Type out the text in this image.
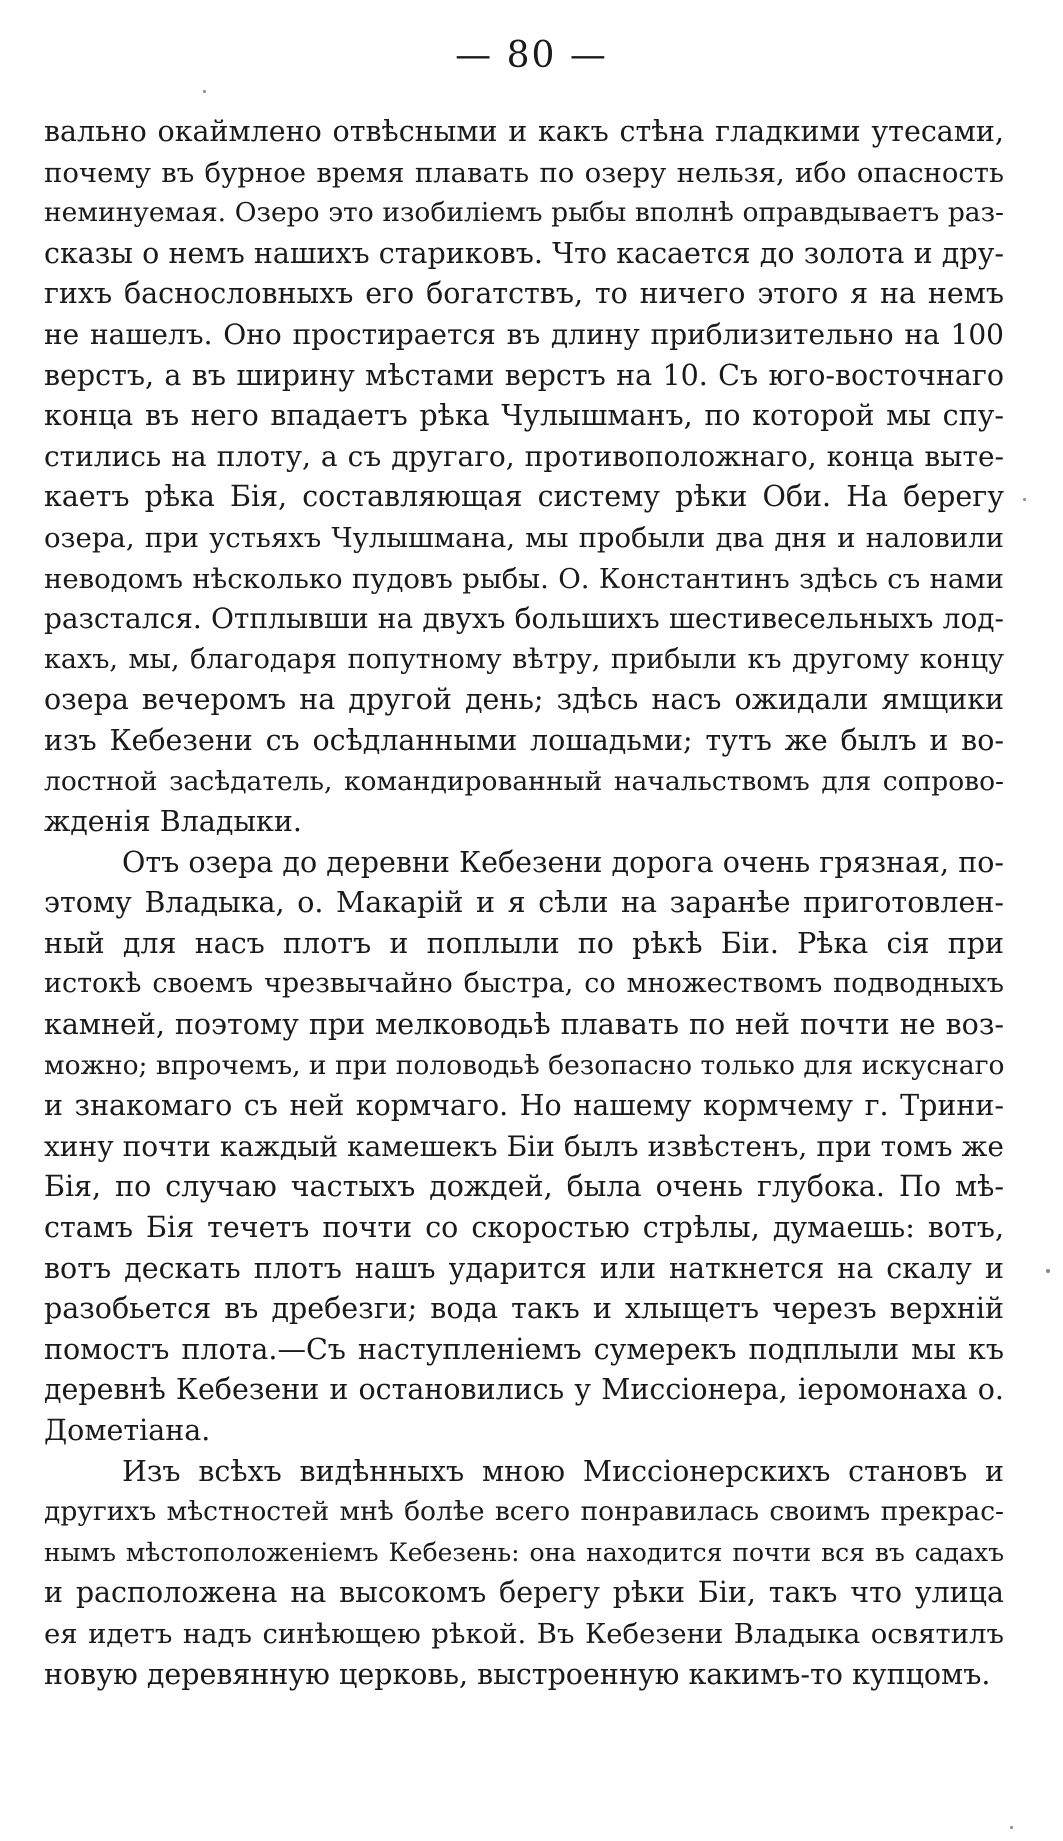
— 80 —
вально окаймлено отвѣсными и какъ стѣна гладкими утесами,
почему въ бурное время плавать по озеру нельзя, ибо опасность
неминуемая. Озеро это изобиліемъ рыбы вполнѣ оправдываетъ раз-
сказы о немъ нашихъ стариковъ. Что касается до золота и дру-
гихъ баснословныхъ его богатствъ, то ничего этого я на немъ
не нашелъ. Оно простирается въ длину приблизительно на 100
верстъ, а въ ширину мѣстами верстъ на 10. Съ юго-восточнаго
конца въ него впадаетъ рѣка Чулышманъ, по которой мы спу-
стились на плоту, а съ другаго, противоположнаго, конца выте-
каетъ рѣка Бія, составляющая систему рѣки Оби. На берегу
озера, при устьяхъ Чулышмана, мы пробыли два дня и наловили
неводомъ нѣсколько пудовъ рыбы. О. Константинъ здѣсь съ нами
разстался. Отплывши на двухъ большихъ шестивесельныхъ лод-
кахъ, мы, благодаря попутному вѣтру, прибыли къ другому концу
озера вечеромъ на другой день; здѣсь насъ ожидали ямщики
изъ Кебезени съ осѣдланными лошадьми; тутъ же былъ и во-
лостной засѣдатель, командированный начальствомъ для сопрово-
жденія Владыки.
Отъ озера до деревни Кебезени дорога очень грязная, по-
этому Владыка, о. Макарій и я сѣли на заранѣе приготовлен-
ный для насъ плотъ и поплыли по рѣкѣ Біи. Рѣка сія при
истокѣ своемъ чрезвычайно быстра, со множествомъ подводныхъ
камней, поэтому при мелководьѣ плавать по ней почти не воз-
можно; впрочемъ, и при половодьѣ безопасно только для искуснаго
и знакомаго съ ней кормчаго. Но нашему кормчему г. Трини-
хину почти каждый камешекъ Біи былъ извѣстенъ, при томъ же
Бія, по случаю частыхъ дождей, была очень глубока. По мѣ-
стамъ Бія течетъ почти со скоростью стрѣлы, думаешь: вотъ,
вотъ дескать плотъ нашъ ударится или наткнется на скалу и
разобьется въ дребезги; вода такъ и хлыщетъ черезъ верхній
помостъ плота.—Съ наступленіемъ сумерекъ подплыли мы къ
деревнѣ Кебезени и остановились у Миссіонера, іеромонаха о.
Дометіана.
Изъ всѣхъ видѣнныхъ мною Миссіонерскихъ становъ и
другихъ мѣстностей мнѣ болѣе всего понравилась своимъ прекрас-
нымъ мѣстоположеніемъ Кебезень: она находится почти вся въ садахъ
и расположена на высокомъ берегу рѣки Біи, такъ что улица
ея идетъ надъ синѣющею рѣкой. Въ Кебезени Владыка освятилъ
новую деревянную церковь, выстроенную какимъ-то купцомъ.
